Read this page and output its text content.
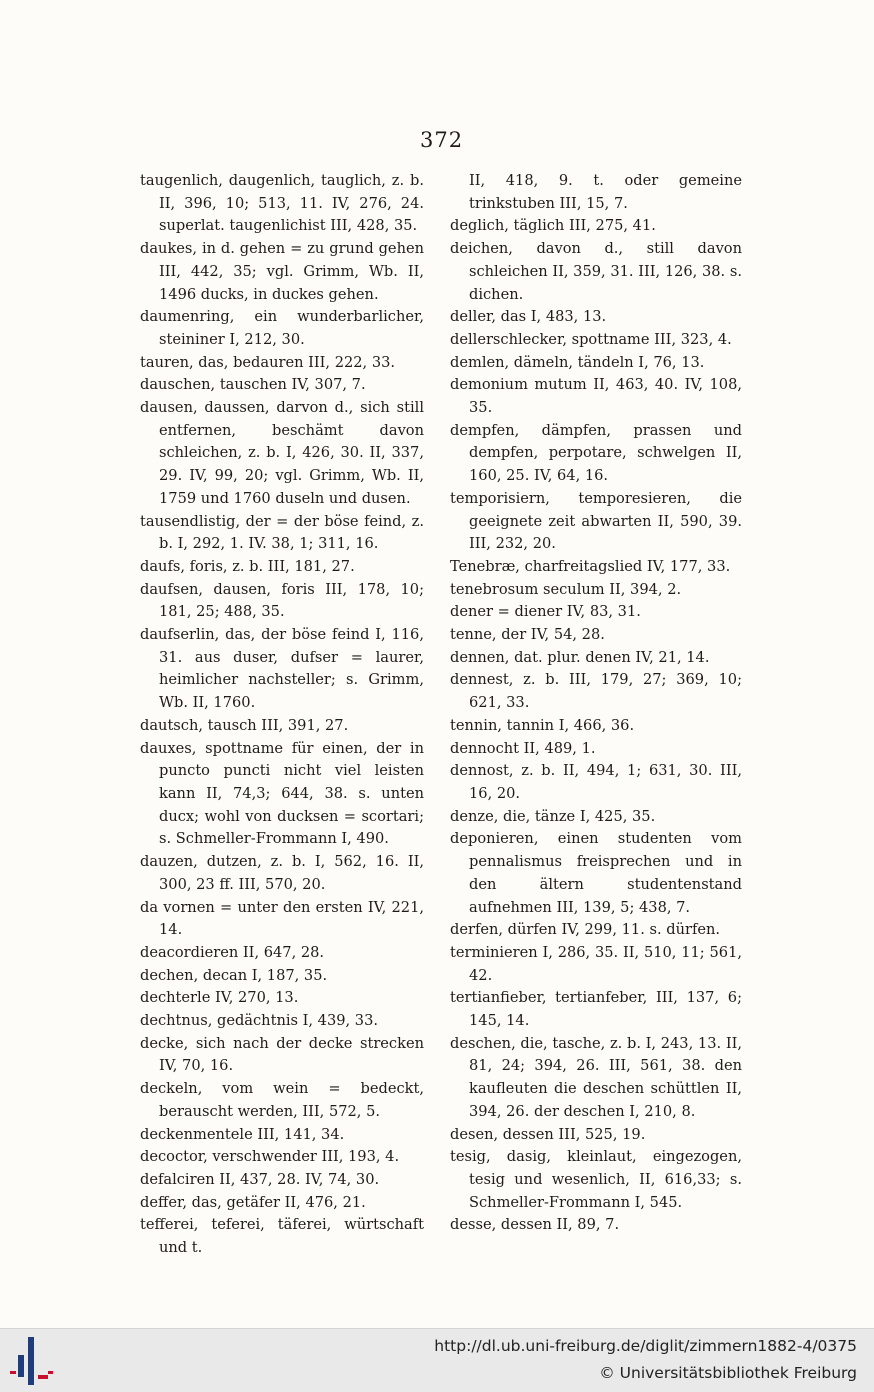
372

taugenlich, daugenlich, tauglich, z. b. II, 396, 10; 513, 11. IV, 276, 24. superlat. taugenlichist III, 428, 35.

daukes, in d. gehen = zu grund gehen III, 442, 35; vgl. Grimm, Wb. II, 1496 ducks, in duckes gehen.

daumenring, ein wunderbarlicher, steininer I, 212, 30.

tauren, das, bedauren III, 222, 33.

dauschen, tauschen IV, 307, 7.

dausen, daussen, darvon d., sich still entfernen, beschämt davon schleichen, z. b. I, 426, 30. II, 337, 29. IV, 99, 20; vgl. Grimm, Wb. II, 1759 und 1760 duseln und dusen.

tausendlistig, der = der böse feind, z. b. I, 292, 1. IV. 38, 1; 311, 16.

daufs, foris, z. b. III, 181, 27.

daufsen, dausen, foris III, 178, 10; 181, 25; 488, 35.

daufserlin, das, der böse feind I, 116, 31. aus duser, dufser = laurer, heimlicher nachsteller; s. Grimm, Wb. II, 1760.

dautsch, tausch III, 391, 27.

dauxes, spottname für einen, der in puncto puncti nicht viel leisten kann II, 74,3; 644, 38. s. unten ducx; wohl von ducksen = scortari; s. Schmeller-Frommann I, 490.

dauzen, dutzen, z. b. I, 562, 16. II, 300, 23 ff. III, 570, 20.

da vornen = unter den ersten IV, 221, 14.

deacordieren II, 647, 28.

dechen, decan I, 187, 35.

dechterle IV, 270, 13.

dechtnus, gedächtnis I, 439, 33.

decke, sich nach der decke strecken IV, 70, 16.

deckeln, vom wein = bedeckt, berauscht werden, III, 572, 5.

deckenmentele III, 141, 34.

decoctor, verschwender III, 193, 4.

defalciren II, 437, 28. IV, 74, 30.

deffer, das, getäfer II, 476, 21.

tefferei, teferei, täferei, würtschaft und t.

II, 418, 9. t. oder gemeine trinkstuben III, 15, 7.

deglich, täglich III, 275, 41.

deichen, davon d., still davon schleichen II, 359, 31. III, 126, 38. s. dichen.

deller, das I, 483, 13.

dellerschlecker, spottname III, 323, 4.

demlen, dämeln, tändeln I, 76, 13.

demonium mutum II, 463, 40. IV, 108, 35.

dempfen, dämpfen, prassen und dempfen, perpotare, schwelgen II, 160, 25. IV, 64, 16.

temporisiern, temporesieren, die geeignete zeit abwarten II, 590, 39. III, 232, 20.

Tenebræ, charfreitagslied IV, 177, 33.

tenebrosum seculum II, 394, 2.

dener = diener IV, 83, 31.

tenne, der IV, 54, 28.

dennen, dat. plur. denen IV, 21, 14.

dennest, z. b. III, 179, 27; 369, 10; 621, 33.

tennin, tannin I, 466, 36.

dennocht II, 489, 1.

dennost, z. b. II, 494, 1; 631, 30. III, 16, 20.

denze, die, tänze I, 425, 35.

deponieren, einen studenten vom pennalismus freisprechen und in den ältern studentenstand aufnehmen III, 139, 5; 438, 7.

derfen, dürfen IV, 299, 11. s. dürfen.

terminieren I, 286, 35. II, 510, 11; 561, 42.

tertianfieber, tertianfeber, III, 137, 6; 145, 14.

deschen, die, tasche, z. b. I, 243, 13. II, 81, 24; 394, 26. III, 561, 38. den kaufleuten die deschen schüttlen II, 394, 26. der deschen I, 210, 8.

desen, dessen III, 525, 19.

tesig, dasig, kleinlaut, eingezogen, tesig und wesenlich, II, 616,33; s. Schmeller-Frommann I, 545.

desse, dessen II, 89, 7.

http://dl.ub.uni-freiburg.de/diglit/zimmern1882-4/0375
© Universitätsbibliothek Freiburg
